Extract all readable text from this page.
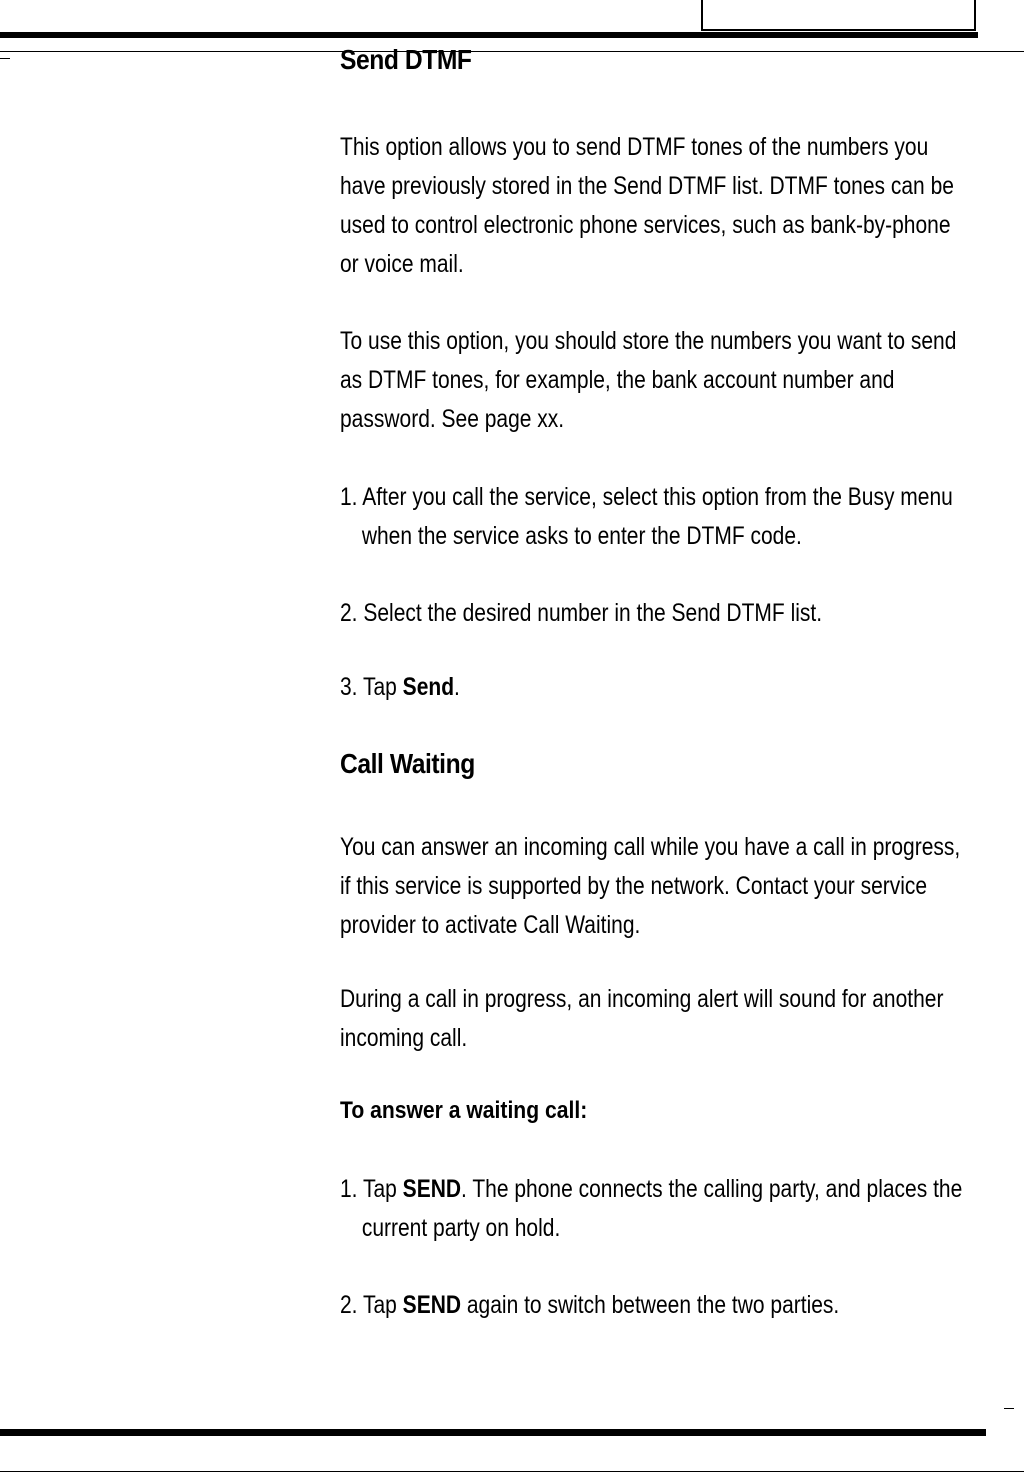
Send DTMF

This option allows you to send DTMF tones of the numbers you have previously stored in the Send DTMF list. DTMF tones can be used to control electronic phone services, such as bank-by-phone or voice mail.

To use this option, you should store the numbers you want to send as DTMF tones, for example, the bank account number and password. See page xx.

1. After you call the service, select this option from the Busy menu when the service asks to enter the DTMF code.
2. Select the desired number in the Send DTMF list.
3. Tap Send.
Call Waiting

You can answer an incoming call while you have a call in progress, if this service is supported by the network. Contact your service provider to activate Call Waiting.

During a call in progress, an incoming alert will sound for another incoming call.

To answer a waiting call:
1. Tap SEND. The phone connects the calling party, and places the current party on hold.
2. Tap SEND again to switch between the two parties.
